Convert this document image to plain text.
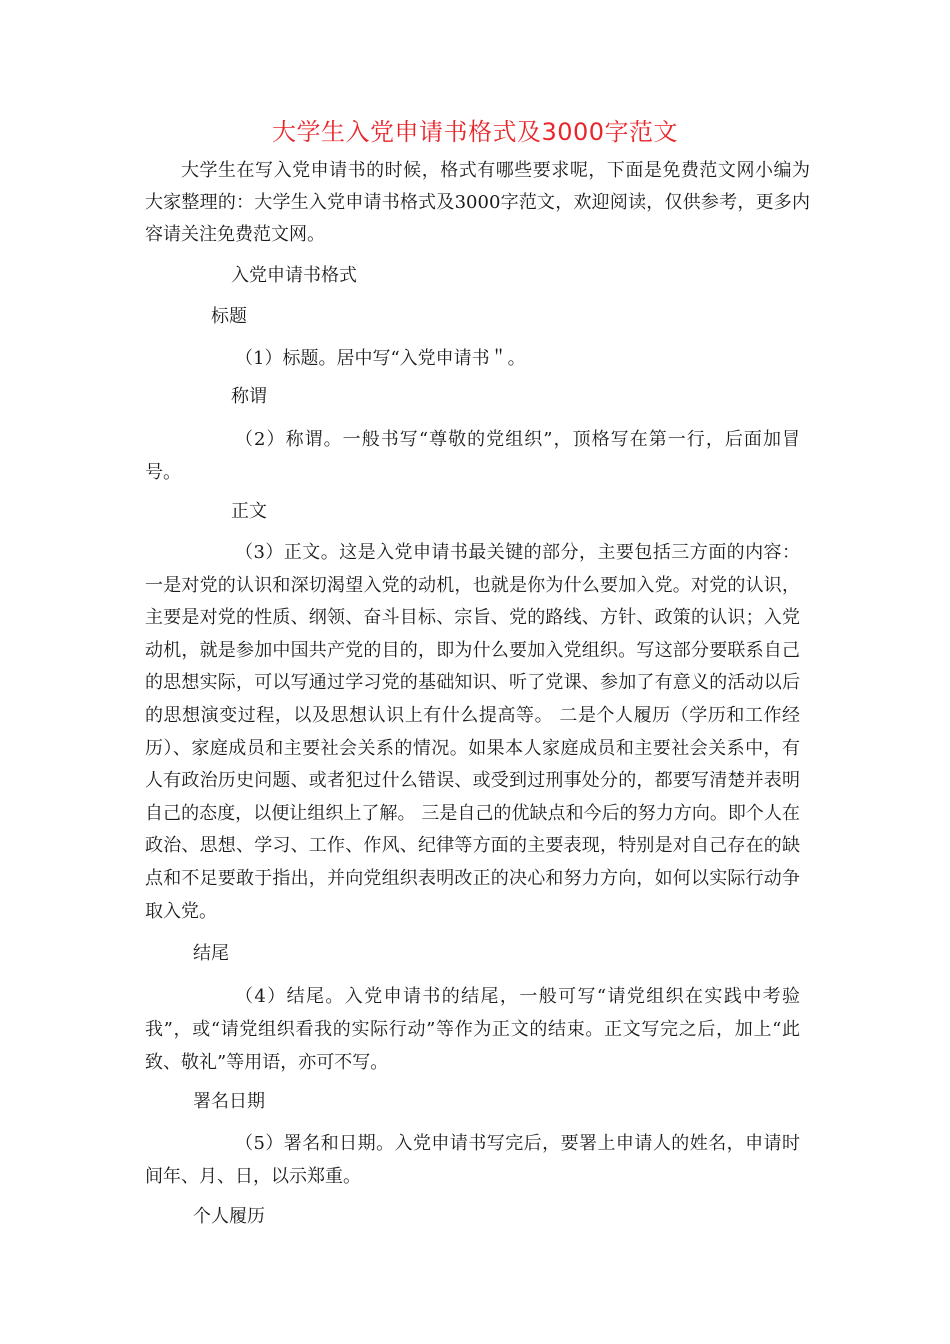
大学生入党申请书格式及3000字范文
大学生在写入党申请书的时候，格式有哪些要求呢，下面是免费范文网小编为大家整理的：大学生入党申请书格式及3000字范文，欢迎阅读，仅供参考，更多内容请关注免费范文网。
入党申请书格式
标题
（1）标题。居中写“入党申请书＂。
称谓
（2）称谓。一般书写“尊敬的党组织”，顶格写在第一行，后面加冒号。
正文
（3）正文。这是入党申请书最关键的部分，主要包括三方面的内容： 一是对党的认识和深切渴望入党的动机，也就是你为什么要加入党。对党的认识，主要是对党的性质、纲领、奋斗目标、宗旨、党的路线、方针、政策的认识；入党动机，就是参加中国共产党的目的，即为什么要加入党组织。写这部分要联系自己的思想实际，可以写通过学习党的基础知识、听了党课、参加了有意义的活动以后的思想演变过程，以及思想认识上有什么提高等。 二是个人履历（学历和工作经历）、家庭成员和主要社会关系的情况。如果本人家庭成员和主要社会关系中，有人有政治历史问题、或者犯过什么错误、或受到过刑事处分的，都要写清楚并表明自己的态度，以便让组织上了解。 三是自己的优缺点和今后的努力方向。即个人在政治、思想、学习、工作、作风、纪律等方面的主要表现，特别是对自己存在的缺点和不足要敢于指出，并向党组织表明改正的决心和努力方向，如何以实际行动争取入党。
结尾
（4）结尾。入党申请书的结尾，一般可写“请党组织在实践中考验我”，或“请党组织看我的实际行动”等作为正文的结束。正文写完之后，加上“此致、敬礼”等用语，亦可不写。
署名日期
（5）署名和日期。入党申请书写完后，要署上申请人的姓名，申请时间年、月、日，以示郑重。
个人履历
